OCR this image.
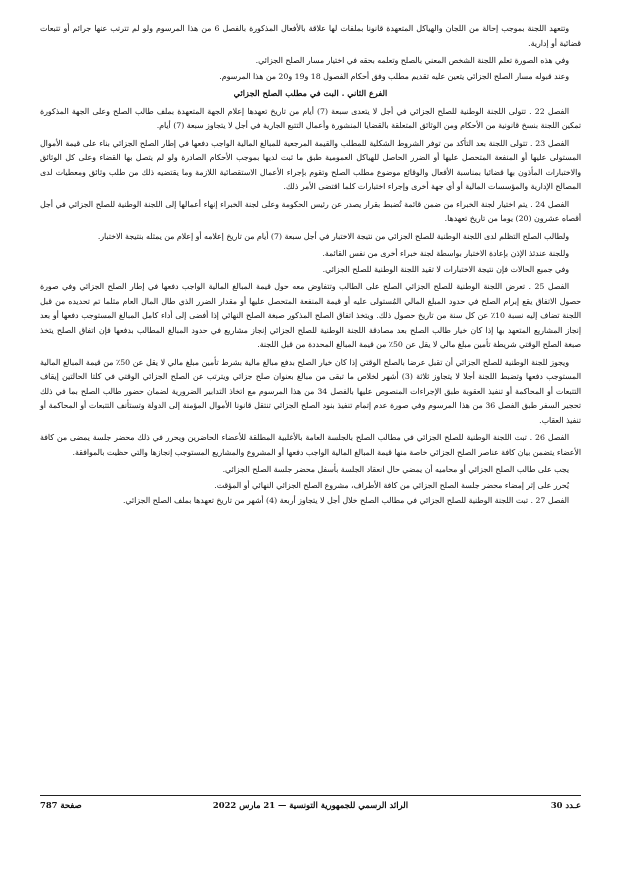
وتتعهد اللجنة بموجب إحالة من اللجان والهياكل المتعهدة قانونا بملفات لها علاقة بالأفعال المذكورة بالفصل 6 من هذا المرسوم ولو لم تترتب عنها جرائم أو تتبعات قضائية أو إدارية.

وفي هذه الصورة تعلم اللجنة الشخص المعني بالصلح وتعلمه بحقه في اختيار مسار الصلح الجزائي.

وعند قبوله مسار الصلح الجزائي يتعين عليه تقديم مطلب وفق أحكام الفصول 18 و19 و20 من هذا المرسوم.

الفرع الثاني . البت في مطلب الصلح الجزائي

الفصل 22 . تتولى اللجنة الوطنية للصلح الجزائي في أجل لا يتعدى سبعة (7) أيام من تاريخ تعهدها إعلام الجهة المتعهدة بملف طالب الصلح وعلى الجهة المذكورة تمكين اللجنة بنسخ قانونية من الأحكام ومن الوثائق المتعلقة بالقضايا المنشورة وأعمال التتبع الجارية في أجل لا يتجاوز سبعة (7) أيام.

الفصل 23 . تتولى اللجنة بعد التأكد من توفر الشروط الشكلية للمطلب والقيمة المرجعية للمبالغ المالية الواجب دفعها في إطار الصلح الجزائي بناء على قيمة الأموال المستولى عليها أو المنفعة المتحصل عليها أو الضرر الحاصل للهياكل العمومية طبق ما ثبت لديها بموجب الأحكام الصادرة ولو لم يتصل بها القضاء وعلى كل الوثائق والاختبارات المأذون بها قضائيا بمناسبة الأفعال والوقائع موضوع مطلب الصلح وتقوم بإجراء الأعمال الاستقصائية اللازمة وما يقتضيه ذلك من طلب وثائق ومعطيات لدى المصالح الإدارية والمؤسسات المالية أو أي جهة أخرى وإجراء اختبارات كلما اقتضى الأمر ذلك.

الفصل 24 . يتم اختيار لجنة الخبراء من ضمن قائمة تُضبط بقرار يصدر عن رئيس الحكومة وعلى لجنة الخبراء إنهاء أعمالها إلى اللجنة الوطنية للصلح الجزائي في أجل أقصاه عشرون (20) يوما من تاريخ تعهدها.

ولطالب الصلح التظلم لدى اللجنة الوطنية للصلح الجزائي من نتيجة الاختبار في أجل سبعة (7) أيام من تاريخ إعلامه أو إعلام من يمثله بنتيجة الاختبار.

وللجنة عندئذ الإذن بإعادة الاختبار بواسطة لجنة خبراء أخرى من نفس القائمة.

وفي جميع الحالات فإن نتيجة الاختبارات لا تقيد اللجنة الوطنية للصلح الجزائي.

الفصل 25 . تعرض اللجنة الوطنية للصلح الجزائي الصلح على الطالب وتتفاوض معه حول قيمة المبالغ المالية الواجب دفعها في إطار الصلح الجزائي وفي صورة حصول الاتفاق يقع إبرام الصلح في حدود المبلغ المالي المُستولى عليه أو قيمة المنفعة المتحصل عليها أو مقدار الضرر الذي طال المال العام مثلما تم تحديده من قبل اللجنة تضاف إليه نسبة 10٪ عن كل سنة من تاريخ حصول ذلك. ويتخذ اتفاق الصلح المذكور صبغة الصلح النهائي إذا أفضى إلى أداء كامل المبالغ المستوجب دفعها أو بعد إنجاز المشاريع المتعهد بها إذا كان خيار طالب الصلح بعد مصادقة اللجنة الوطنية للصلح الجزائي إنجاز مشاريع في حدود المبالغ المطالب بدفعها فإن اتفاق الصلح يتخذ صبغة الصلح الوقتي شريطة تأمين مبلغ مالي لا يقل عن 50٪ من قيمة المبالغ المحددة من قبل اللجنة.

ويجوز للجنة الوطنية للصلح الجزائي أن تقبل عرضا بالصلح الوقتي إذا كان خيار الصلح بدفع مبالغ مالية بشرط تأمين مبلغ مالي لا يقل عن 50٪ من قيمة المبالغ المالية المستوجب دفعها وتضبط اللجنة أجلا لا يتجاوز ثلاثة (3) أشهر لخلاص ما تبقى من مبالغ بعنوان صلح جزائي ويترتب عن الصلح الجزائي الوقتي في كلتا الحالتين إيقاف التتبعات أو المحاكمة أو تنفيذ العقوبة طبق الإجراءات المنصوص عليها بالفصل 34 من هذا المرسوم مع اتخاذ التدابير الضرورية لضمان حضور طالب الصلح بما في ذلك تحجير السفر طبق الفصل 36 من هذا المرسوم وفي صورة عدم إتمام تنفيذ بنود الصلح الجزائي تنتقل قانونا الأموال المؤمنة إلى الدولة وتستأنف التتبعات أو المحاكمة أو تنفيذ العقاب.

الفصل 26 . تبت اللجنة الوطنية للصلح الجزائي في مطالب الصلح بالجلسة العامة بالأغلبية المطلقة للأعضاء الحاضرين ويحرر في ذلك محضر جلسة يمضى من كافة الأعضاء يتضمن بيان كافة عناصر الصلح الجزائي خاصة منها قيمة المبالغ المالية الواجب دفعها أو المشروع والمشاريع المستوجب إنجازها والتي حظيت بالموافقة.

يجب على طالب الصلح الجزائي أو محاميه أن يمضي حال انعقاد الجلسة بأسفل محضر جلسة الصلح الجزائي.

يُحرر على إثر إمضاء محضر جلسة الصلح الجزائي من كافة الأطراف، مشروع الصلح الجزائي النهائي أو المؤقت.

الفصل 27 . تبت اللجنة الوطنية للصلح الجزائي في مطالب الصلح خلال أجل لا يتجاوز أربعة (4) أشهر من تاريخ تعهدها بملف الصلح الجزائي.

عـدد 30
الرائد الرسمي للجمهورية التونسية — 21 مارس 2022
صفحة 787
